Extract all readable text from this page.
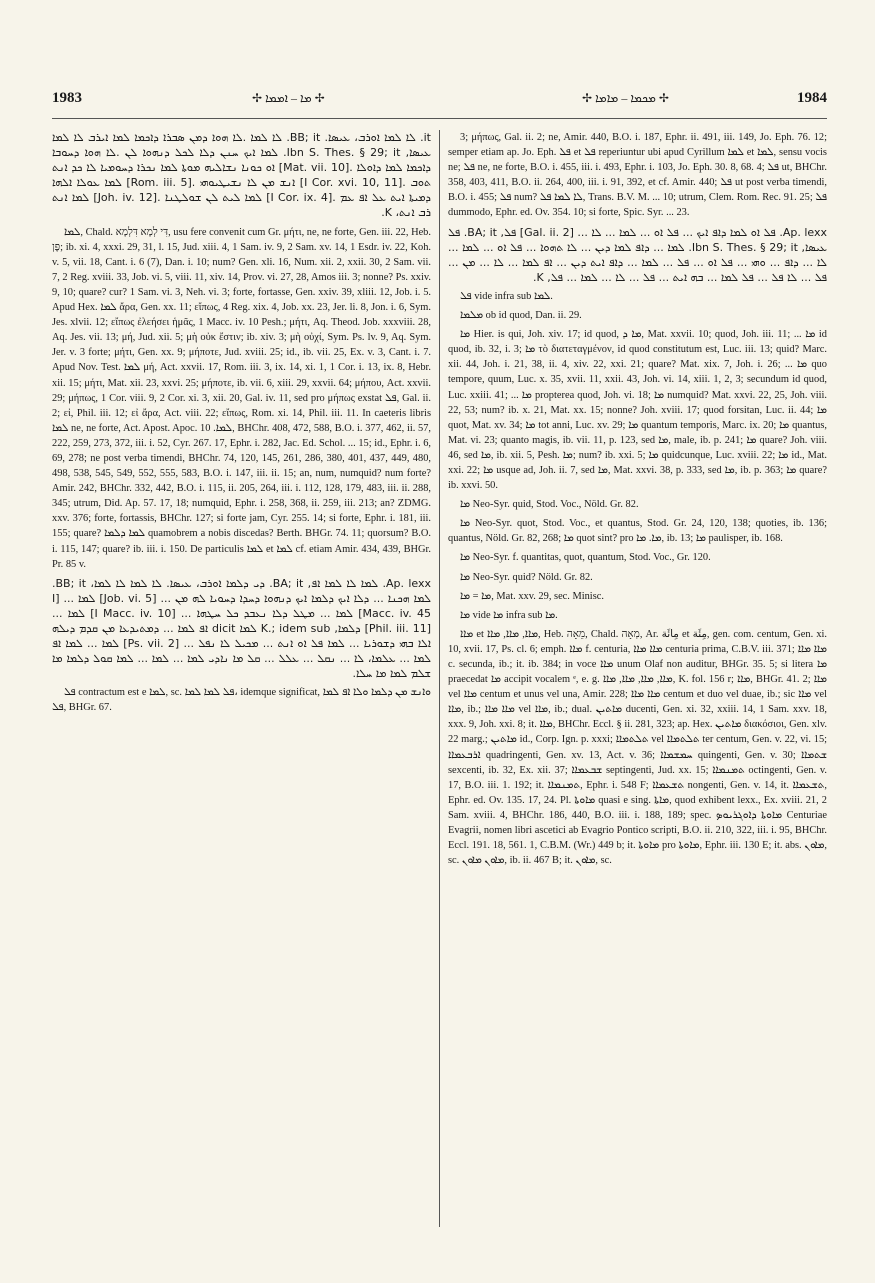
1983	✢ ܡܐ – ܐܡܡܐ ✢	✢ ܡܟܡܐ – ܡܐܡܐ ✢	1984

it. ܠܐ ܠܡܐ ܐܘܪܒ، ܥܝܣܐ. BB; it. ܠܐ ܠܡܐ .ܠܐ ܗܘܐ ܕܡܢ ܣܒܪܐ ܕܐܟܡܐ ܠܡܐ ܐܝܪܒ ܠܐ ܠܡܐ ܥܝܣܐ, Ibn S. Thes. § 29; it. ܠܡܐ ܐܝܟ ܚܢܢ ܕܠܐ ܠܟܠ ܕܢܗܘܐ ܠܢ .ܠܐ ܗܘܐ ܕܚܘܒܐ ܕܐܟܡܐ ܠܡܐ ܕܐܘܠܐ .[Mat. vii. 10] ܐܘ ܟܘܢܐ ܢܫܐܠܝܗ ܡܘܬܐ ܠܡܐ ܢܟܪܐ ܕܚܘܡܝܐ ܠܐ ܟܕ ܐܢܬ ܬܘܒ .[I Cor. xvi. 10, 11] ܐܢܫ ܡܢ ܠܐ ܢܫܝܛܝܘܗܝ .[Rom. iii. 5] ܠܡܐ ܥܘܠܐ ܐܠܗܐ ܕܡܝܬܐ ܐܝܬ ܥܠ ܐܦ ܥܡ .[I Cor. ix. 4] ܠܡܐ ܠܝܬ ܠܢ ܫܘܠܛܢܐ .[Joh. iv. 12] ܠܡܐ ܐܢܬ ܪܒ ܐܢܬ، K.

ܠܡܐ, Chald. דִּי לְמָא דִּלְמָא, usu fere convenit cum Gr. μήτι, ne, ne forte, Gen. iii. 22, Heb. פֶּן; ib. xi. 4, xxxi. 29, 31, l. 15, Jud. xiii. 4, 1 Sam. iv. 9, 2 Sam. xv. 14, 1 Esdr. iv. 22, Koh. v. 5, vii. 18, Cant. i. 6 (7), Dan. i. 10; num? Gen. xli. 16, Num. xii. 2, xxii. 30, 2 Sam. vii. 7, 2 Reg. xviii. 33, Job. vi. 5, viii. 11, xiv. 14, Prov. vi. 27, 28, Amos iii. 3; nonne? Ps. xxiv. 9, 10; quare? cur? 1 Sam. vi. 3, Neh. vi. 3; forte, fortasse, Gen. xxiv. 39, xliii. 12, Job. i. 5. Apud Hex. ܠܡܐ ἄρα, Gen. xx. 11; εἴπως, 4 Reg. xix. 4, Job. xx. 23, Jer. li. 8, Jon. i. 6, Sym. Jes. xlvii. 12; εἴπως ἐλεήσει ἡμᾶς, 1 Macc. iv. 10 Pesh.; μήτι, Aq. Theod. Job. xxxviii. 28, Aq. Jes. vii. 13; μή, Jud. xii. 5; μὴ οὐκ ἔστιν; ib. xiv. 3; μὴ οὐχί, Sym. Ps. lv. 9, Aq. Sym. Jer. v. 3 forte; μήτι, Gen. xx. 9; μήποτε, Jud. xviii. 25; id., ib. vii. 25, Ex. v. 3, Cant. i. 7. Apud Nov. Test. ܠܡܐ μή, Act. xxvii. 17, Rom. iii. 3, ix. 14, xi. 1, 1 Cor. i. 13, ix. 8, Hebr. xii. 15; μήτι, Mat. xii. 23, xxvi. 25; μήποτε, ib. vii. 6, xiii. 29, xxvii. 64; μήπου, Act. xxvii. 29; μήπως, 1 Cor. viii. 9, 2 Cor. xi. 3, xii. 20, Gal. iv. 11, sed pro μήπως exstat ܦܠ, Gal. ii. 2; εἰ, Phil. iii. 12; εἰ ἄρα, Act. viii. 22; εἴπως, Rom. xi. 14, Phil. iii. 11. In caeteris libris ܠܡܐ ne, ne forte, Act. Apost. Apoc. ܠܡܐ. 10, BHChr. 408, 472, 588, B.O. i. 377, 462, ii. 57, 222, 259, 273, 372, iii. i. 52, Cyr. 267. 17, Ephr. i. 282, Jac. Ed. Schol. ... 15; id., Ephr. i. 6, 69, 278; ne post verba timendi, BHChr. 74, 120, 145, 261, 286, 380, 401, 437, 449, 480, 498, 538, 545, 549, 552, 555, 583, B.O. i. 147, iii. ii. 15; an, num, numquid? num forte? Amir. 242, BHChr. 332, 442, B.O. i. 115, ii. 205, 264, iii. i. 112, 128, 179, 483, iii. ii. 288, 345; utrum, Did. Ap. 57. 17, 18; numquid, Ephr. i. 258, 368, ii. 259, iii. 213; an? ZDMG. xxv. 376; forte, fortassis, BHChr. 127; si forte jam, Cyr. 255. 14; si forte, Ephr. i. 181, iii. 155; quare? ܠܡܐ ܕܠܡܐ quamobrem a nobis discedas? Berth. BHGr. 74. 11; quorsum? B.O. i. 115, 147; quare? ib. iii. i. 150. De particulis ܠܡܐ et ܠܡܐ cf. etiam Amir. 434, 439, BHGr. Pr. 85 v.

Ap. lexx. ܠܡܐ ܠܐ ܠܡܐ ܐܦ, BA; it. ܕܝ ܕܠܡܐ ܐܘܪܒ، ܥܝܣܐ. ܠܐ ܠܡܐ ܠܐ ܠܡܐ، BB; it. ܠܡܐ ܗܟܢܐ ... ܕܠܐ ܐܝܟ ܕܠܡܐ ܐܝܟ ܕܢܗܘܐ ܕܚܕܐ ܕܚܘܝܐ ܠܗ ܡܢ ... [Job. vi. 5] ܠܡܐ ... [I Macc. iv. 45] ܠܡܐ ... ܡܛܠ ܕܠܐ ܢܥܒܕ ܟܠ ܚܛܗܐ ... [I Macc. iv. 10] ܠܡܐ ... [Phil. iii. 11] ܕܠܡܐ, K.; idem sub ܠܡܐ dicit ܐܦ ܠܡܐ ... ܕܡܬܝܕܥܐ ܡܢ ܩܕܡ ܕܝܠܗ ܐܠܐ ܒܗܝ ܕܫܘܪܝܐ ... ܠܡܐ ܦܠ ܐܘ ܐܢܬ ... ܡܟܝܠ ܠܐ ܢܦܠ ... [Ps. vii. 2] ܠܡܐ ... ܠܡܐ ܐܦ ܠܡܐ ... ܥܠܡܐ، ܠܐ ... ܢܩܠ ... ܥܠܠ ... ܩܠ ܡܐ ܢܐܕܝ ܠܡܐ ... ܠܡܐ ... ܠܡܐ ܩܘܠ ܕܠܡܐ ܡܐ ܫܠܡ ܠܡܐ ܡܐ ܚܠܐ.

ܦܠ contractum est e ܠܡܐ, sc. ܦܠ ܠܡܐ ܠܡܐ، idemque significat, ܘܐܢܫ ܡܢ ܕܠܡܐ ܘܠܐ ܐܦ ܠܡܐ ܦܠ, BHGr. 67.

3; μήπως, Gal. ii. 2; ne, Amir. 440, B.O. i. 187, Ephr. ii. 491, iii. 149, Jo. Eph. 76. 12; semper etiam ap. Jo. Eph. ܦܠ et ܦܠ reperiuntur ubi apud Cyrillum ܠܡܐ et ܠܡܐ, sensu vocis ne; ܦܠ ne, ne forte, B.O. i. 455, iii. i. 493, Ephr. i. 103, Jo. Eph. 30. 8, 68. 4; ܦܠ ut, BHChr. 358, 403, 411, B.O. ii. 264, 400, iii. i. 91, 392, et cf. Amir. 440; ܦܠ ut post verba timendi, B.O. i. 455; ܦܠ num? ܠܐ ܠܡܐ ܦܠ, Trans. B.V. M. ... 10; utrum, Clem. Rom. Rec. 91. 25; ܦܠ dummodo, Ephr. ed. Ov. 354. 10; si forte, Spic. Syr. ... 23.

Ap. lexx. ܦܠ ܐܘ ܠܡܐ ܕܐܦ ܐܝܟ ... ܦܠ ܐܘ ... ܠܡܐ ... ܠܐ ... [Gal. ii. 2] ܦܠ, BA; it. ܦܠ ܥܝܣܐ, Ibn S. Thes. § 29; it. ܠܡܐ ... ܕܐܦ ܠܡܐ ܕܝܢ ... ܠܐ ܬܗܘܐ ... ܦܠ ܐܘ ... ܠܡܐ ... ܠܐ ... ܕܐܦ ... ܘܗܝ ... ܦܠ ܐܘ ... ܦܠ ... ܠܡܐ ... ܕܐܦ ܐܝܬ ܕܝܢ ... ܐܦ ܠܡܐ ... ܠܐ ... ܡܢ ... ܦܠ ... ܠܐ ܦܠ ... ܦܠ ܠܡܐ ... ܒܗ ܐܝܬ ... ܦܠ ... ܠܐ ... ܠܡܐ ... ܦܠ, K.

ܦܠ vide infra sub ܠܡܐ.

ܡܠܡܐ ob id quod, Dan. ii. 29.

ܡܐ Hier. is qui, Joh. xiv. 17; id quod, ܡܐ ܕ, Mat. xxvii. 10; quod, Joh. iii. 11; ... ܡܐ id quod, ib. 32, i. 3; ܡܐ τὸ διατεταγμένον, id quod constitutum est, Luc. iii. 13; quid? Marc. xii. 44, Joh. i. 21, 38, ii. 4, xiv. 22, xxi. 21; quare? Mat. xix. 7, Joh. i. 26; ... ܡܐ quo tempore, quum, Luc. x. 35, xvii. 11, xxii. 43, Joh. vi. 14, xiii. 1, 2, 3; secundum id quod, Luc. xxiii. 41; ... ܡܐ propterea quod, Joh. vi. 18; ܡܐ numquid? Mat. xxvi. 22, 25, Joh. viii. 22, 53; num? ib. x. 21, Mat. xx. 15; nonne? Joh. xviii. 17; quod forsitan, Luc. ii. 44; ܡܐ quot, Mat. xv. 34; ܡܐ tot anni, Luc. xv. 29; ܡܐ quantum temporis, Marc. ix. 20; ܡܐ quantus, Mat. vi. 23; quanto magis, ib. vii. 11, p. 123, sed ܡܐ, male, ib. p. 241; ܡܐ quare? Joh. viii. 46, sed ܡܐ, ib. xii. 5, Pesh. ܡܐ; num? ib. xxi. 5; ܡܐ quidcunque, Luc. xviii. 22; ܡܐ id., Mat. xxi. 22; ܡܐ usque ad, Joh. ii. 7, sed ܡܐ, Mat. xxvi. 38, p. 333, sed ܡܐ, ib. p. 363; ܡܐ quare? ib. xxvi. 50.

ܡܐ Neo-Syr. quid, Stod. Voc., Nöld. Gr. 82.

ܡܐ Neo-Syr. quot, Stod. Voc., et quantus, Stod. Gr. 24, 120, 138; quoties, ib. 136; quantus, Nöld. Gr. 82, 268; ܡܐ quot sint? pro ܡܐ. ܡܐ, ib. 13; ܡܐ paulisper, ib. 168.

ܡܐ Neo-Syr. f. quantitas, quot, quantum, Stod. Voc., Gr. 120.

ܡܐ Neo-Syr. quid? Nöld. Gr. 82.

ܡܐ = ܡܐ, Mat. xxv. 29, sec. Minisc.

ܡܐ vide ܡܐ infra sub ܡܐ.

ܡܐܐ et ܡܐܐ, ܡܐܐ, ܡܐܐ, Heb. מֵאָה, Chald. מְאָה, Ar. مِائَة et مِئَة, gen. com. centum, Gen. xi. 10, xvii. 17, Ps. cl. 6; emph. ܡܐܐ f. centuria, ܡܐܐ ܡܐܐ centuria prima, C.B.V. iii. 371; ܡܐܐ ܡܐܐ c. secunda, ib.; it. ib. 384; in voce ܡܐܐ unum Olaf non auditur, BHGr. 35. 5; si litera ܡܐ praecedat ܡܐ accipit vocalem ᵉ, e. g. ܡܐܐ, ܡܐܐ, ܡܐܐ, ܡܐܐ, K. fol. 156 r; ܡܐܐ, BHGr. 41. 2; ܡܐܐ vel ܡܐܐ centum et unus vel una, Amir. 228; ܡܐܐ ܡܐܐ centum et duo vel duae, ib.; sic ܡܐܐ vel ܡܐܐ, ib.; ܡܐܐ ܡܐܐ vel ܡܐܐ, ib.; dual. ܡܐܬܝܢ ducenti, Gen. xi. 32, xxiii. 14, 1 Sam. xxv. 18, xxx. 9, Joh. xxi. 8; it. ܡܐܐ, BHChr. Eccl. § ii. 281, 323; ap. Hex. ܡܐܬܝܢ διακόσιοι, Gen. xlv. 22 marg.; ܡܐܬܝܢ id., Corp. Ign. p. xxxi; ܬܠܬܡܐܐ vel ܬܠܬܡܐܐ ter centum, Gen. v. 22, vi. 15; ܐܪܒܥܡܐܐ quadringenti, Gen. xv. 13, Act. v. 36; ܚܡܫܡܐܐ quingenti, Gen. v. 30; ܫܬܡܐܐ sexcenti, ib. 32, Ex. xii. 37; ܫܒܥܡܐܐ septingenti, Jud. xx. 15; ܬܡܢܡܐܐ octingenti, Gen. v. 17, B.O. iii. 1. 192; it. ܬܡܢܡܐܐ, Ephr. i. 548 F; ܬܫܥܡܐܐ nongenti, Gen. v. 14, it. ܬܫܥܡܐܐ, Ephr. ed. Ov. 135. 17, 24. Pl. ܡܐܘܬܐ quasi e sing. ܡܐܬܐ, quod exhibent lexx., Ex. xviii. 21, 2 Sam. xviii. 4, BHChr. 186, 440, B.O. iii. i. 188, 189; spec. ܡܐܘܬܐ ܕܐܘܓܪܝܘܤ Centuriae Evagrii, nomen libri ascetici ab Evagrio Pontico scripti, B.O. ii. 210, 322, iii. i. 95, BHChr. Eccl. 191. 18, 561. 1, C.B.M. (Wr.) 449 b; it. ܡܐܘܬܐ pro ܡܐܘܬܐ, Ephr. iii. 130 E; it. abs. ܡܐܘܢ, sc. ܡܐܘܢ ܡܐܘܢ, ib. ii. 467 B; it. ܡܐܘܢ, sc.
